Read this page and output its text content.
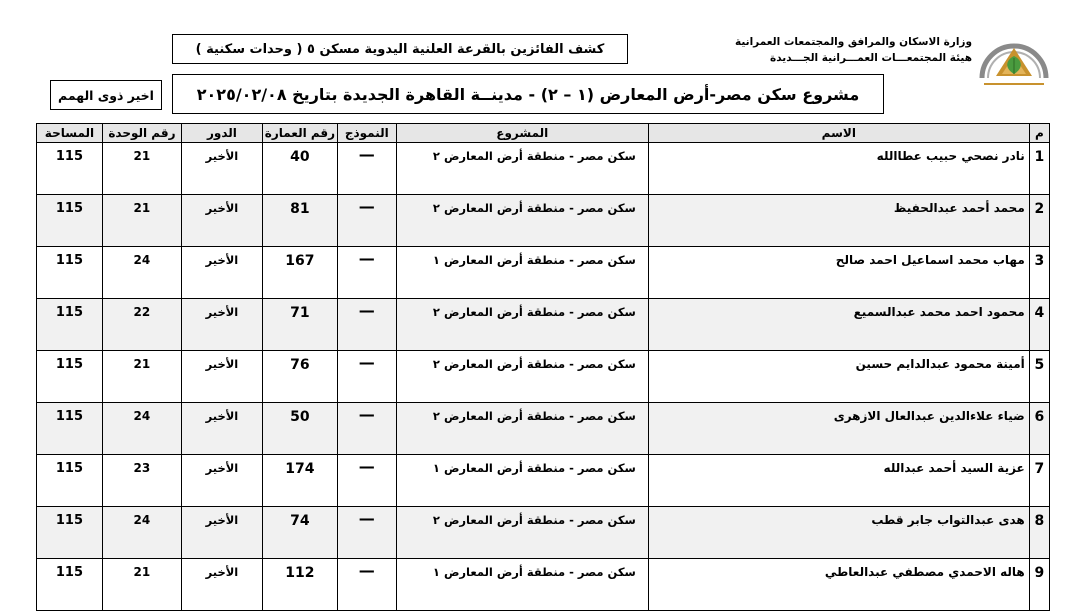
وزارة الاسكان والمرافق والمجتمعات العمرانية
هيئة المجتمعـــات العمـــرانية الجـــديدة
كشف الفائزين بالقرعة العلنية اليدوية مسكن ٥ ( وحدات سكنية )
مشروع سكن مصر-أرض المعارض (١ – ٢) - مدينــة القاهرة الجديدة بتاريخ ٢٠٢٥/٠٢/٠٨
اخير ذوى الهمم
م	الاسم	المشروع	النموذج	رقم العمارة	الدور	رقم الوحدة	المساحة
1	نادر نصحي حبيب عطاالله	سكن مصر - منطقة أرض المعارض ٢	—	40	الأخير	21	115
2	محمد أحمد عبدالحفيظ	سكن مصر - منطقة أرض المعارض ٢	—	81	الأخير	21	115
3	مهاب محمد اسماعيل احمد صالح	سكن مصر - منطقة أرض المعارض ١	—	167	الأخير	24	115
4	محمود احمد محمد عبدالسميع	سكن مصر - منطقة أرض المعارض ٢	—	71	الأخير	22	115
5	أمينة محمود عبدالدايم حسين	سكن مصر - منطقة أرض المعارض ٢	—	76	الأخير	21	115
6	ضياء علاءالدين عبدالعال الازهرى	سكن مصر - منطقة أرض المعارض ٢	—	50	الأخير	24	115
7	عزية السيد أحمد عبدالله	سكن مصر - منطقة أرض المعارض ١	—	174	الأخير	23	115
8	هدى عبدالتواب جابر قطب	سكن مصر - منطقة أرض المعارض ٢	—	74	الأخير	24	115
9	هاله الاحمدي مصطفي عبدالعاطي	سكن مصر - منطقة أرض المعارض ١	—	112	الأخير	21	115
